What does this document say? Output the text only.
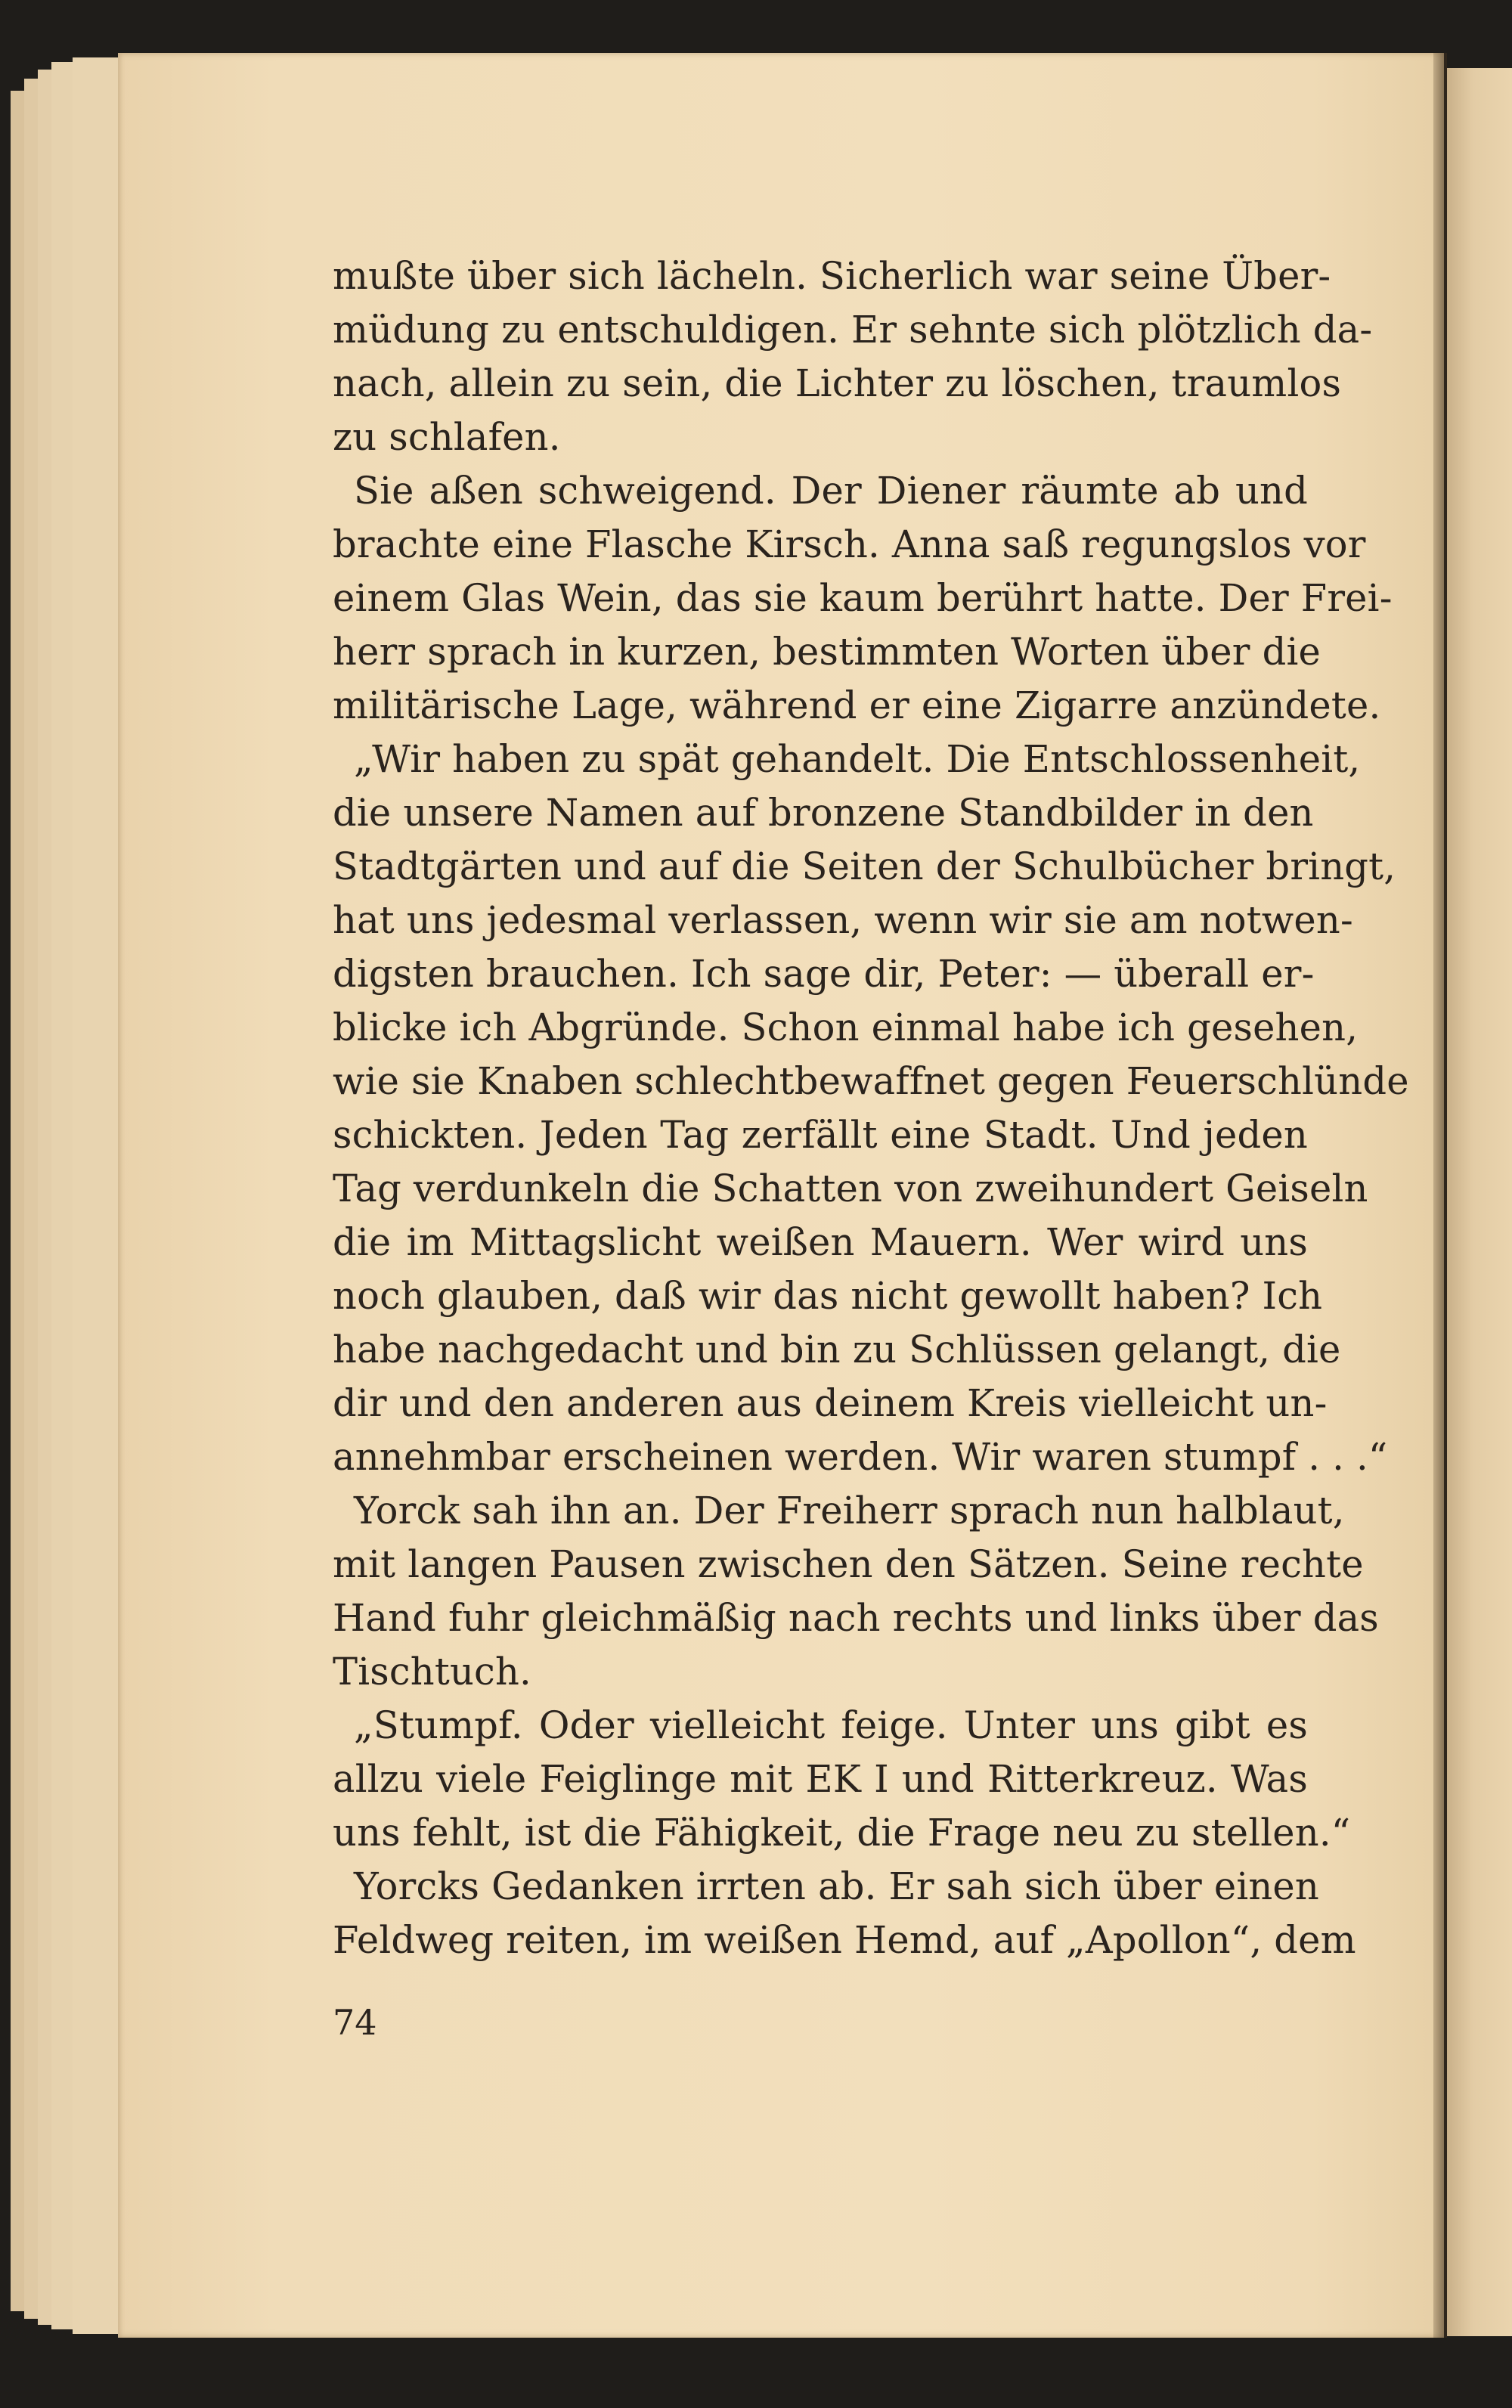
mußte über sich lächeln. Sicherlich war seine Über-
müdung zu entschuldigen. Er sehnte sich plötzlich da-
nach, allein zu sein, die Lichter zu löschen, traumlos
zu schlafen.
Sie aßen schweigend. Der Diener räumte ab und
brachte eine Flasche Kirsch. Anna saß regungslos vor
einem Glas Wein, das sie kaum berührt hatte. Der Frei-
herr sprach in kurzen, bestimmten Worten über die
militärische Lage, während er eine Zigarre anzündete.
„Wir haben zu spät gehandelt. Die Entschlossenheit,
die unsere Namen auf bronzene Standbilder in den
Stadtgärten und auf die Seiten der Schulbücher bringt,
hat uns jedesmal verlassen, wenn wir sie am notwen-
digsten brauchen. Ich sage dir, Peter: — überall er-
blicke ich Abgründe. Schon einmal habe ich gesehen,
wie sie Knaben schlechtbewaffnet gegen Feuerschlünde
schickten. Jeden Tag zerfällt eine Stadt. Und jeden
Tag verdunkeln die Schatten von zweihundert Geiseln
die im Mittagslicht weißen Mauern. Wer wird uns
noch glauben, daß wir das nicht gewollt haben? Ich
habe nachgedacht und bin zu Schlüssen gelangt, die
dir und den anderen aus deinem Kreis vielleicht un-
annehmbar erscheinen werden. Wir waren stumpf . . .“
Yorck sah ihn an. Der Freiherr sprach nun halblaut,
mit langen Pausen zwischen den Sätzen. Seine rechte
Hand fuhr gleichmäßig nach rechts und links über das
Tischtuch.
„Stumpf. Oder vielleicht feige. Unter uns gibt es
allzu viele Feiglinge mit EK I und Ritterkreuz. Was
uns fehlt, ist die Fähigkeit, die Frage neu zu stellen.“
Yorcks Gedanken irrten ab. Er sah sich über einen
Feldweg reiten, im weißen Hemd, auf „Apollon“, dem
74
